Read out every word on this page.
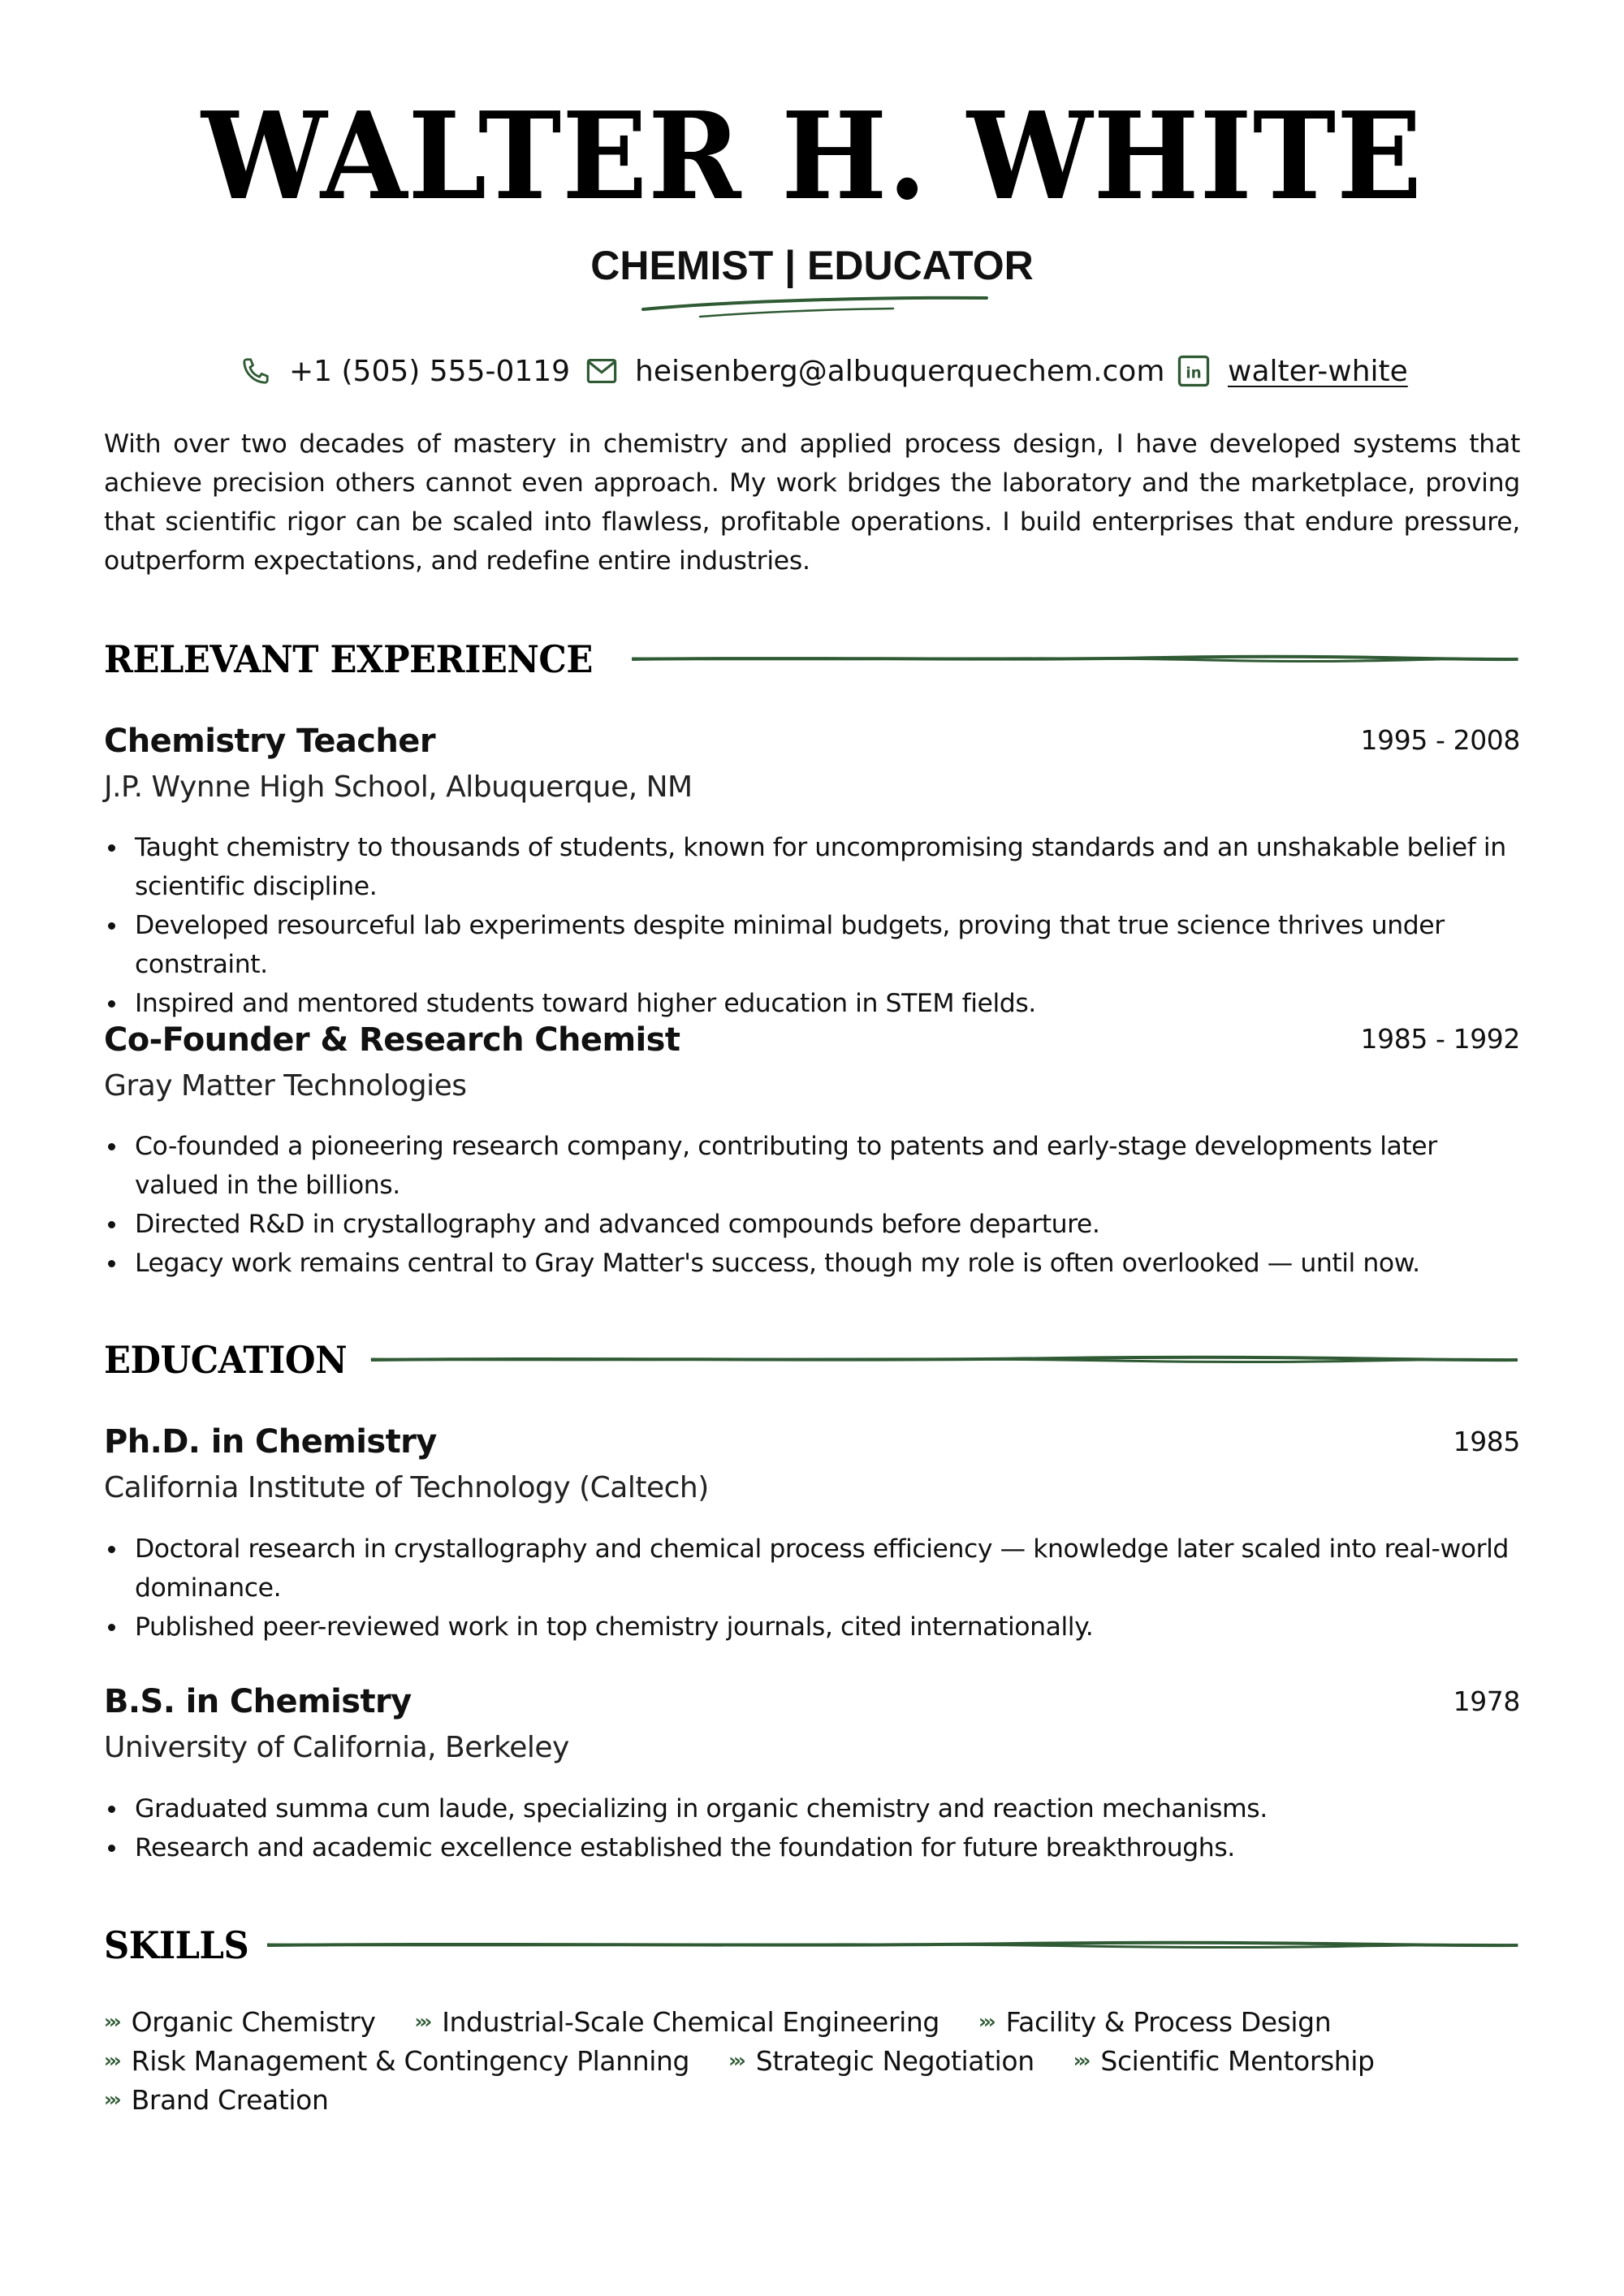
WALTER H. WHITE
CHEMIST | EDUCATOR
+1 (505) 555-0119 heisenberg@albuquerquechem.com in walter-white
With over two decades of mastery in chemistry and applied process design, I have developed systems that achieve precision others cannot even approach. My work bridges the laboratory and the marketplace, proving that scientific rigor can be scaled into flawless, profitable operations. I build enterprises that endure pressure, outperform expectations, and redefine entire industries.
RELEVANT EXPERIENCE
Chemistry Teacher	1995 - 2008
J.P. Wynne High School, Albuquerque, NM
Taught chemistry to thousands of students, known for uncompromising standards and an unshakable belief in scientific discipline.
Developed resourceful lab experiments despite minimal budgets, proving that true science thrives under constraint.
Inspired and mentored students toward higher education in STEM fields.
Co-Founder & Research Chemist	1985 - 1992
Gray Matter Technologies
Co-founded a pioneering research company, contributing to patents and early-stage developments later valued in the billions.
Directed R&D in crystallography and advanced compounds before departure.
Legacy work remains central to Gray Matter's success, though my role is often overlooked — until now.
EDUCATION
Ph.D. in Chemistry	1985
California Institute of Technology (Caltech)
Doctoral research in crystallography and chemical process efficiency — knowledge later scaled into real-world dominance.
Published peer-reviewed work in top chemistry journals, cited internationally.
B.S. in Chemistry	1978
University of California, Berkeley
Graduated summa cum laude, specializing in organic chemistry and reaction mechanisms.
Research and academic excellence established the foundation for future breakthroughs.
SKILLS
››› Organic Chemistry ››› Industrial-Scale Chemical Engineering ››› Facility & Process Design
››› Risk Management & Contingency Planning ››› Strategic Negotiation ››› Scientific Mentorship
››› Brand Creation
